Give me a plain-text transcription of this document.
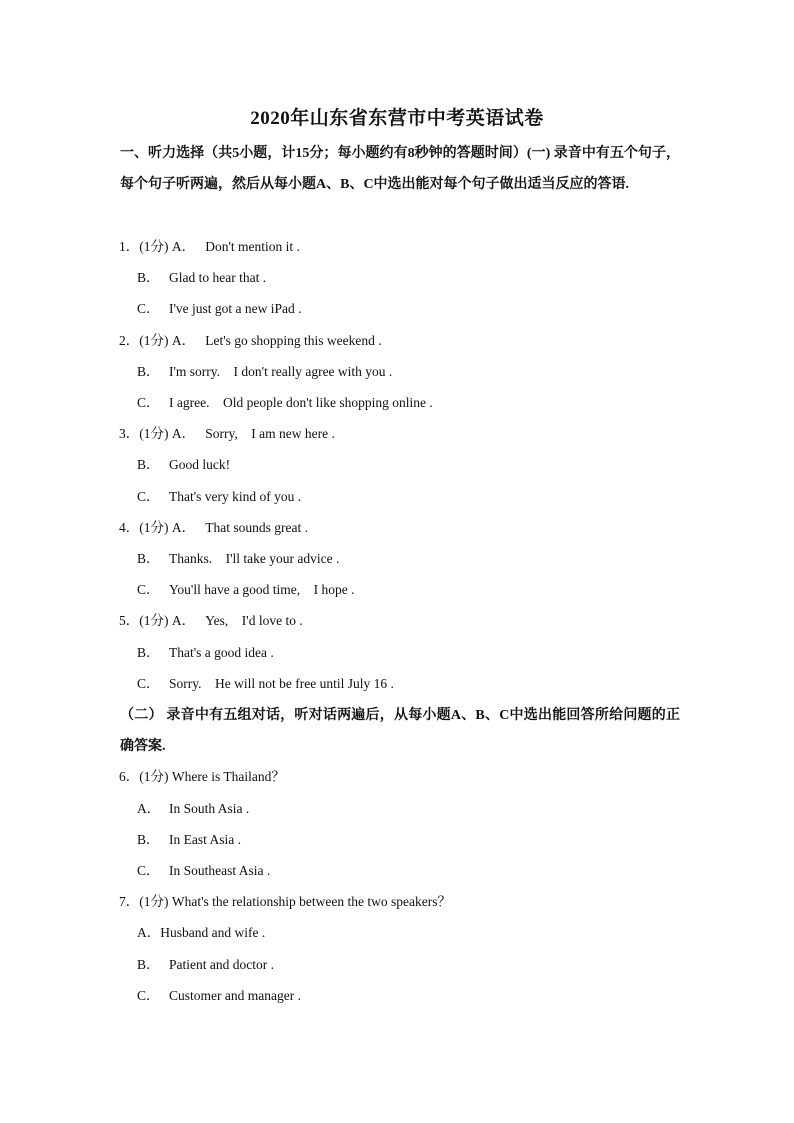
2020年山东省东营市中考英语试卷
一、听力选择（共5小题，计15分；每小题约有8秒钟的答题时间）(一) 录音中有五个句子，每个句子听两遍，然后从每小题A、B、C中选出能对每个句子做出适当反应的答语.
1．(1分) A． Don't mention it .
B． Glad to hear that .
C． I've just got a new iPad .
2．(1分) A． Let's go shopping this weekend .
B． I'm sorry.    I don't really agree with you .
C． I agree.    Old people don't like shopping online .
3．(1分) A． Sorry,    I am new here .
B． Good luck!
C． That's very kind of you .
4．(1分) A． That sounds great .
B． Thanks.    I'll take your advice .
C． You'll have a good time,    I hope .
5．(1分) A． Yes,    I'd love to .
B． That's a good idea .
C． Sorry.    He will not be free until July 16 .
（二） 录音中有五组对话，听对话两遍后，从每小题A、B、C中选出能回答所给问题的正确答案.
6．(1分) Where is Thailand？
A． In South Asia .
B． In East Asia .
C． In Southeast Asia .
7．(1分) What's the relationship between the two speakers？
A．Husband and wife .
B． Patient and doctor .
C． Customer and manager .
